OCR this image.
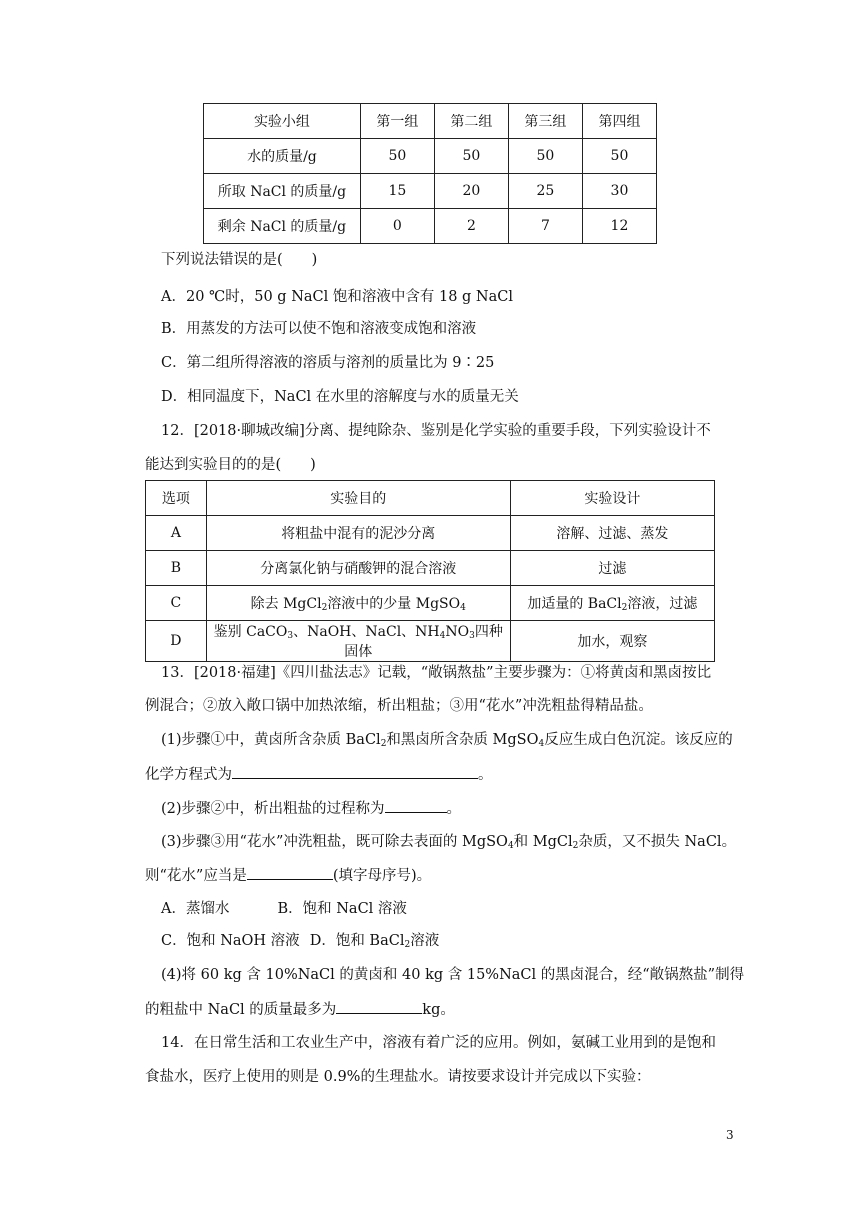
实验小组	第一组	第二组	第三组	第四组
水的质量/g	50	50	50	50
所取 NaCl 的质量/g	15	20	25	30
剩余 NaCl 的质量/g	0	2	7	12
下列说法错误的是(　　)
A．20 ℃时，50 g NaCl 饱和溶液中含有 18 g NaCl
B．用蒸发的方法可以使不饱和溶液变成饱和溶液
C．第二组所得溶液的溶质与溶剂的质量比为 9∶25
D．相同温度下，NaCl 在水里的溶解度与水的质量无关
12．[2018·聊城改编]分离、提纯除杂、鉴别是化学实验的重要手段，下列实验设计不
能达到实验目的的是(　　)
选项	实验目的	实验设计
A	将粗盐中混有的泥沙分离	溶解、过滤、蒸发
B	分离氯化钠与硝酸钾的混合溶液	过滤
C	除去 MgCl$_2$溶液中的少量 MgSO$_4$	加适量的 BaCl$_2$溶液，过滤
D	鉴别 CaCO$_3$、NaOH、NaCl、$NH_4NO_3$四种固体	加水，观察
13．[2018·福建]《四川盐法志》记载，“敞锅熬盐”主要步骤为：①将黄卤和黑卤按比
例混合；②放入敞口锅中加热浓缩，析出粗盐；③用“花水”冲洗粗盐得精品盐。
(1)步骤①中，黄卤所含杂质 BaCl$_2$和黑卤所含杂质 MgSO$_4$反应生成白色沉淀。该反应的
化学方程式为	。
(2)步骤②中，析出粗盐的过程称为	。
(3)步骤③用“花水”冲洗粗盐，既可除去表面的 MgSO$_4$和 MgCl$_2$杂质，又不损失 NaCl。
则“花水”应当是	(填字母序号)。
A．蒸馏水	B．饱和 NaCl 溶液
C．饱和 NaOH 溶液 D．饱和 BaCl$_2$溶液
(4)将 60 kg 含 10%NaCl 的黄卤和 40 kg 含 15%NaCl 的黑卤混合，经“敞锅熬盐”制得
的粗盐中 NaCl 的质量最多为	kg。
14．在日常生活和工农业生产中，溶液有着广泛的应用。例如，氨碱工业用到的是饱和
食盐水，医疗上使用的则是 0.9%的生理盐水。请按要求设计并完成以下实验：
3
